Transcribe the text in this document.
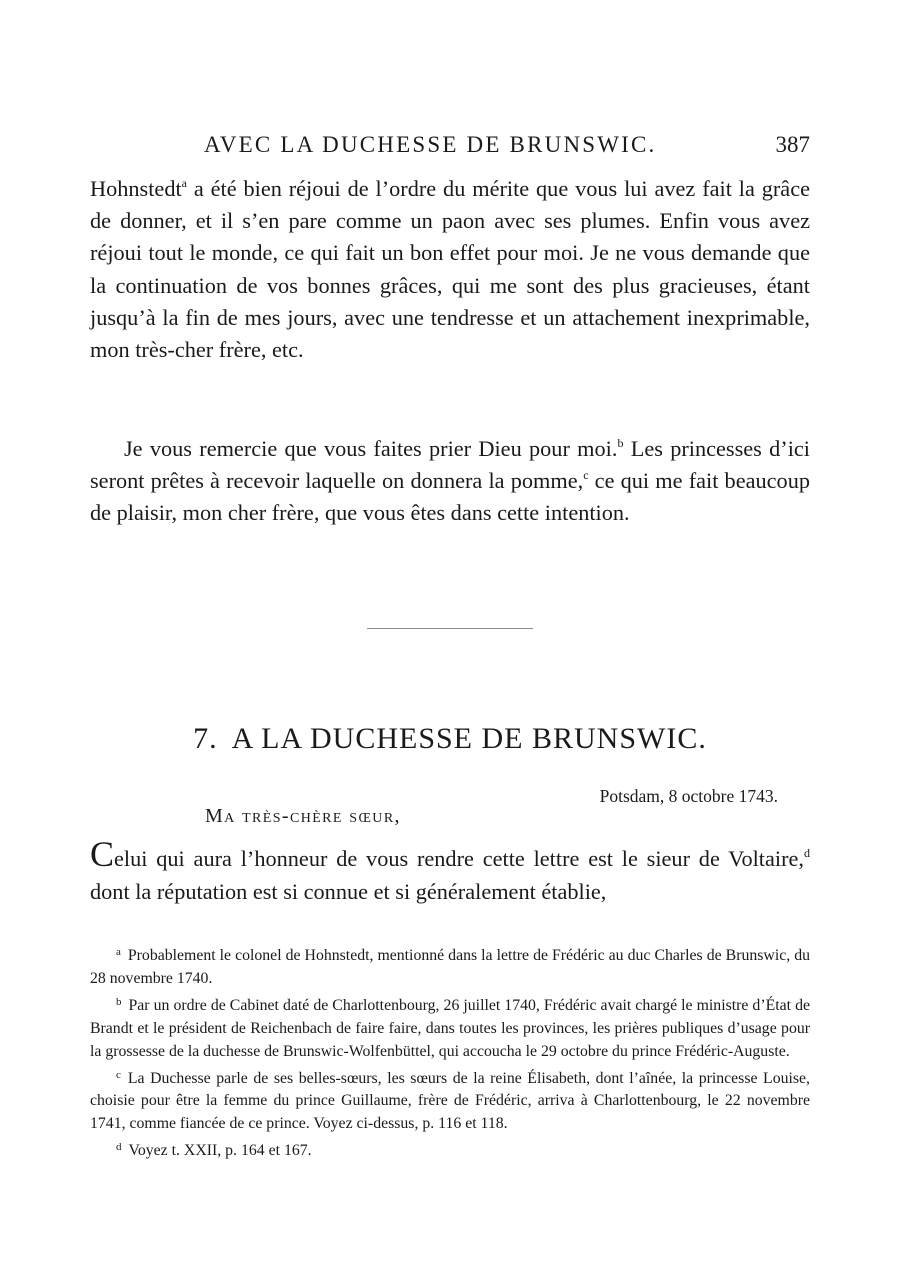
AVEC LA DUCHESSE DE BRUNSWIC.	387

Hohnstedt$^a$ a été bien réjoui de l’ordre du mérite que vous lui avez fait la grâce de donner, et il s’en pare comme un paon avec ses plumes. Enfin vous avez réjoui tout le monde, ce qui fait un bon effet pour moi. Je ne vous demande que la continuation de vos bonnes grâces, qui me sont des plus gracieuses, étant jusqu’à la fin de mes jours, avec une tendresse et un attachement inexprimable, mon très-cher frère, etc.

Je vous remercie que vous faites prier Dieu pour moi.$^b$ Les princesses d’ici seront prêtes à recevoir laquelle on donnera la pomme,$^c$ ce qui me fait beaucoup de plaisir, mon cher frère, que vous êtes dans cette intention.

7. A LA DUCHESSE DE BRUNSWIC.
Potsdam, 8 octobre 1743.
Ma très-chère sœur,
Celui qui aura l’honneur de vous rendre cette lettre est le sieur de Voltaire,$^d$ dont la réputation est si connue et si généralement établie,

$^a$ Probablement le colonel de Hohnstedt, mentionné dans la lettre de Frédéric au duc Charles de Brunswic, du 28 novembre 1740.

$^b$ Par un ordre de Cabinet daté de Charlottenbourg, 26 juillet 1740, Frédéric avait chargé le ministre d’État de Brandt et le président de Reichenbach de faire faire, dans toutes les provinces, les prières publiques d’usage pour la grossesse de la duchesse de Brunswic-Wolfenbüttel, qui accoucha le 29 octobre du prince Frédéric-Auguste.

$^c$ La Duchesse parle de ses belles-sœurs, les sœurs de la reine Élisabeth, dont l’aînée, la princesse Louise, choisie pour être la femme du prince Guillaume, frère de Frédéric, arriva à Charlottenbourg, le 22 novembre 1741, comme fiancée de ce prince. Voyez ci-dessus, p. 116 et 118.

$^d$ Voyez t. XXII, p. 164 et 167.
